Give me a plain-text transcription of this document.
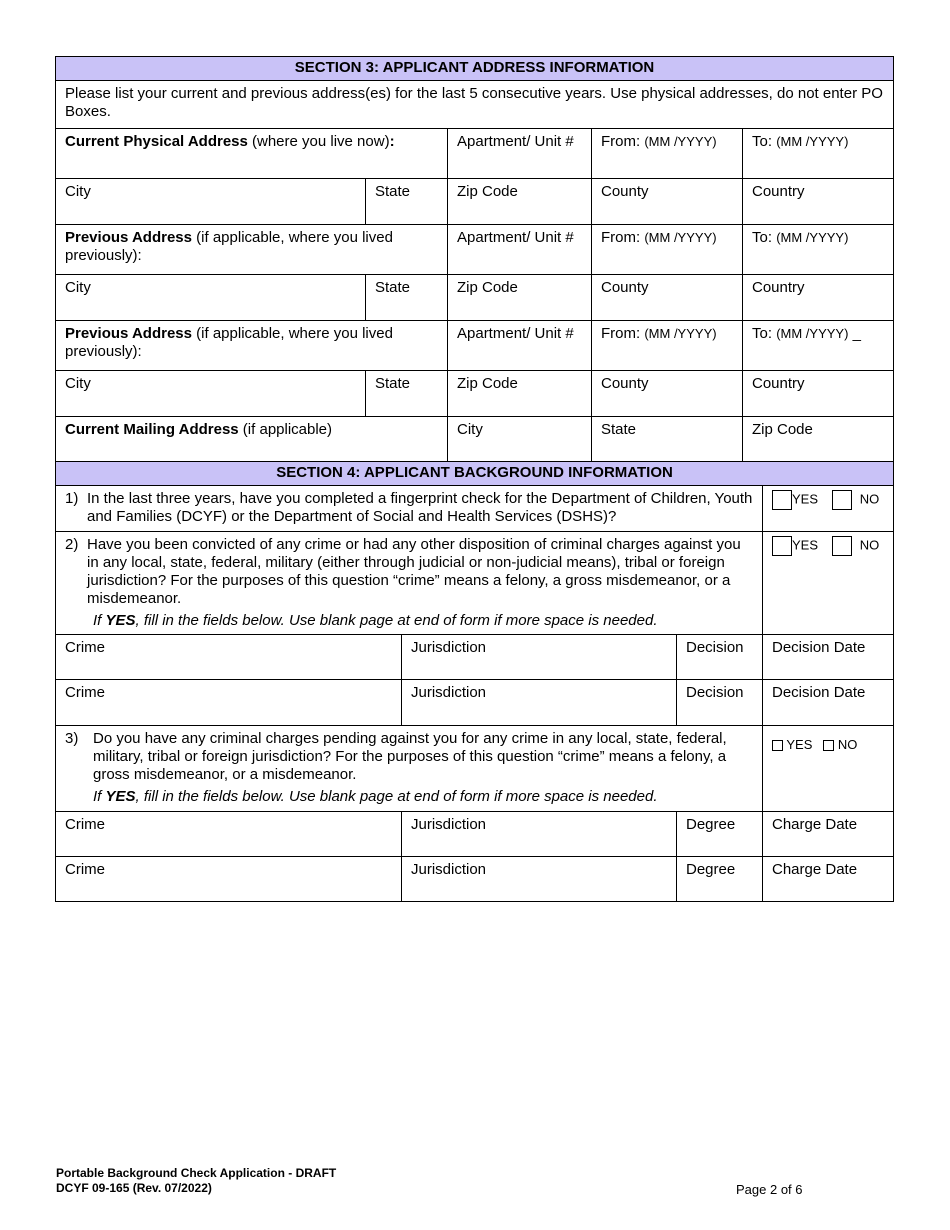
SECTION 3: APPLICANT ADDRESS INFORMATION				
Please list your current and previous address(es) for the last 5 consecutive years. Use physical addresses, do not enter PO Boxes.				
Current Physical Address (where you live now):		Apartment/ Unit #	From: (MM /YYYY)	To: (MM /YYYY)
City	State	Zip Code	County	Country
Previous Address (if applicable, where you lived previously):		Apartment/ Unit #	From: (MM /YYYY)	To: (MM /YYYY)
City	State	Zip Code	County	Country
Previous Address (if applicable, where you lived previously):		Apartment/ Unit #	From: (MM /YYYY)	To: (MM /YYYY) _
City	State	Zip Code	County	Country
Current Mailing Address (if applicable)		City	State	Zip Code
SECTION 4: APPLICANT BACKGROUND INFORMATION			

1) In the last three years, have you completed a fingerprint check for the Department of Children, Youth and Families (DCYF) or the Department of Social and Health Services (DSHS)?			YES NO

2) Have you been convicted of any crime or had any other disposition of criminal charges against you in any local, state, federal, military (either through judicial or non-judicial means), tribal or foreign jurisdiction? For the purposes of this question “crime” means a felony, a gross misdemeanor, or a misdemeanor.
If YES, fill in the fields below. Use blank page at end of form if more space is needed.			YES NO
Crime	Jurisdiction	Decision	Decision Date
Crime	Jurisdiction	Decision	Decision Date

3) Do you have any criminal charges pending against you for any crime in any local, state, federal, military, tribal or foreign jurisdiction? For the purposes of this question “crime” means a felony, a gross misdemeanor, or a misdemeanor.
If YES, fill in the fields below. Use blank page at end of form if more space is needed.			YES NO
Crime	Jurisdiction	Degree	Charge Date
Crime	Jurisdiction	Degree	Charge Date
Portable Background Check Application - DRAFT
DCYF 09-165 (Rev. 07/2022)	Page 2 of 6
